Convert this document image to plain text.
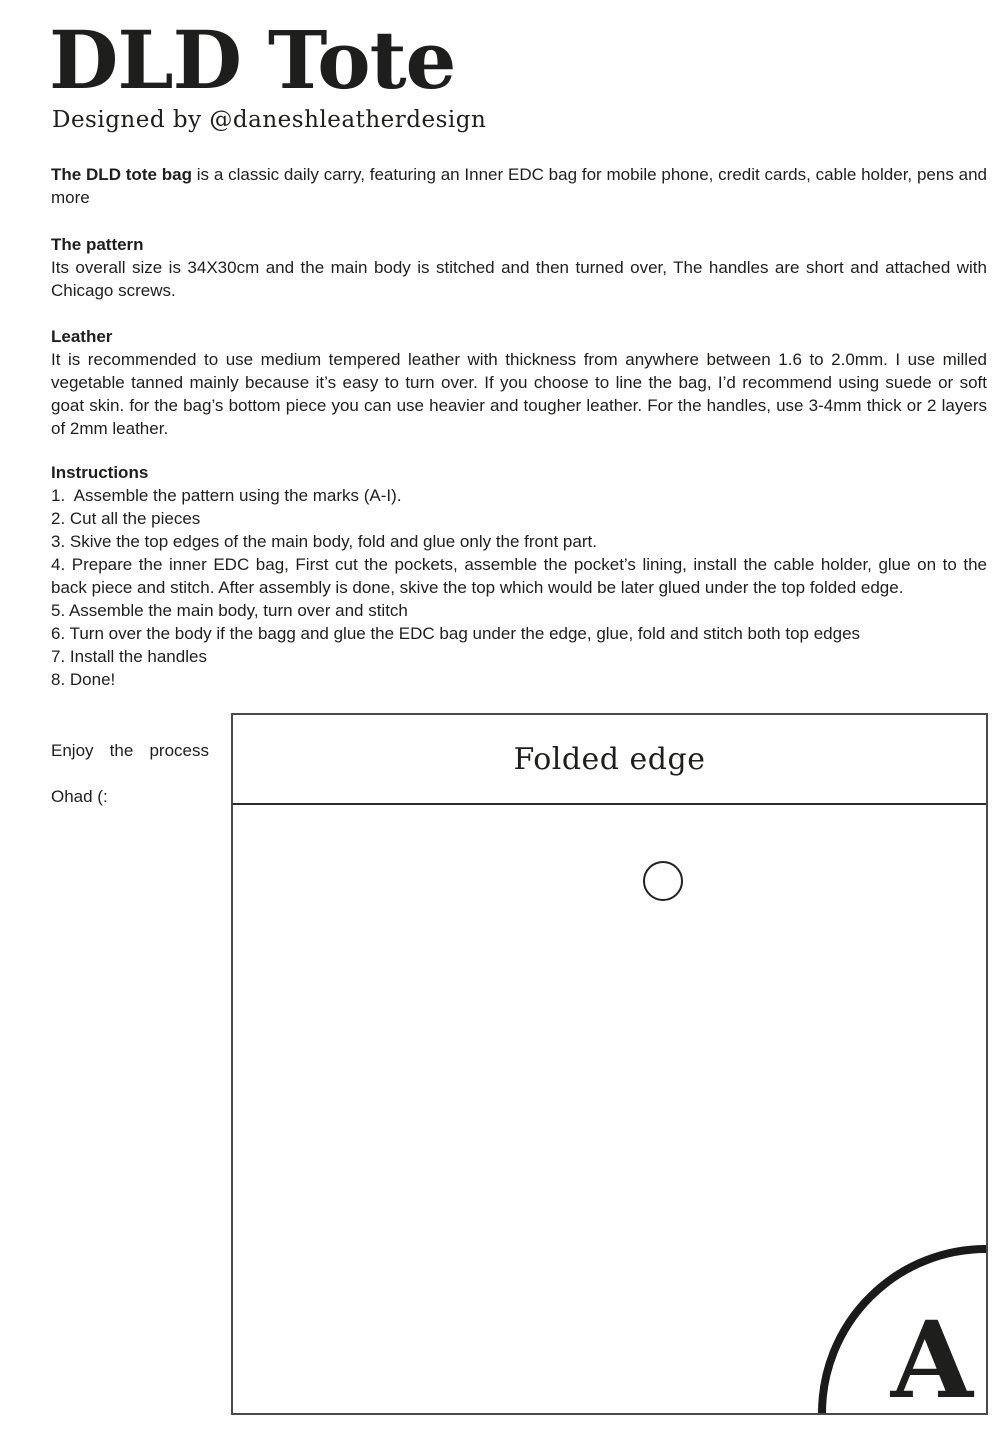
DLD Tote
Designed by @daneshleatherdesign

The DLD tote bag is a classic daily carry, featuring an Inner EDC bag for mobile phone, credit cards, cable holder, pens and more

The pattern

Its overall size is 34X30cm and the main body is stitched and then turned over, The handles are short and attached with Chicago screws.

Leather

It is recommended to use medium tempered leather with thickness from anywhere between 1.6 to 2.0mm. I use milled vegetable tanned mainly because it’s easy to turn over. If you choose to line the bag, I’d recommend using suede or soft goat skin. for the bag’s bottom piece you can use heavier and tougher leather. For the handles, use 3-4mm thick or 2 layers of 2mm leather.

Instructions
1.  Assemble the pattern using the marks (A-I).
2. Cut all the pieces
3. Skive the top edges of the main body, fold and glue only the front part.
4. Prepare the inner EDC bag, First cut the pockets, assemble the pocket’s lining, install the cable holder, glue on to the back piece and stitch. After assembly is done, skive the top which would be later glued under the top folded edge.
5. Assemble the main body, turn over and stitch
6. Turn over the body if the bagg and glue the EDC bag under the edge, glue, fold and stitch both top edges
7. Install the handles
8. Done!
Enjoy the process
Ohad (:
Folded edge
A
